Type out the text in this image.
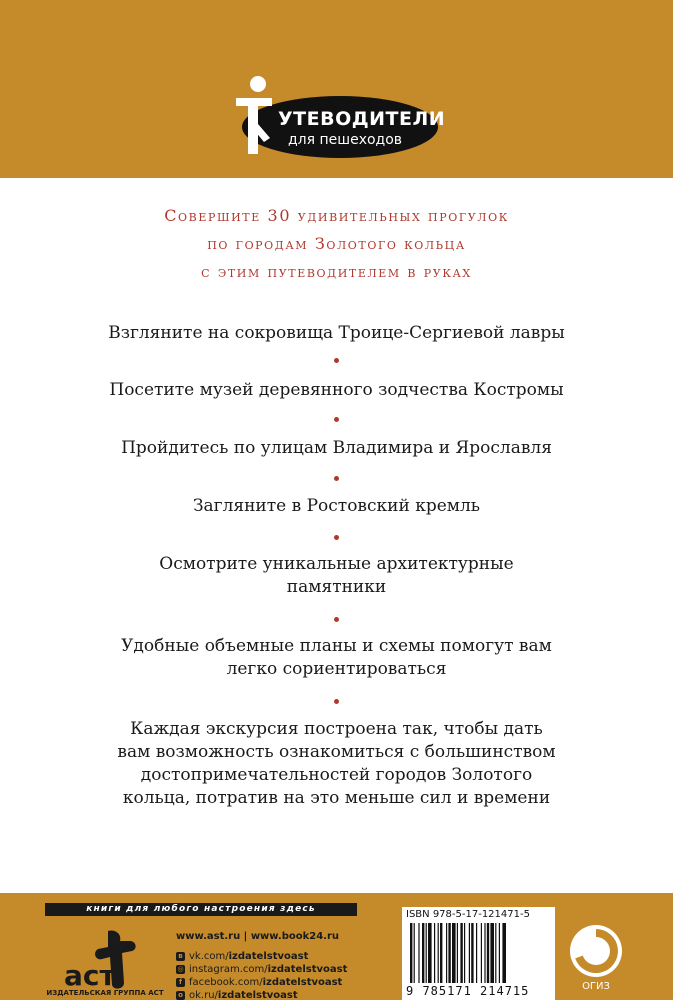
УТЕВОДИТЕЛИ
для пешеходов
Совершите 30 удивительных прогулок
по городам Золотого кольца
с этим путеводителем в руках
Взгляните на сокровища Троице-Сергиевой лавры
Посетите музей деревянного зодчества Костромы
Пройдитесь по улицам Владимира и Ярославля
Загляните в Ростовский кремль
Осмотрите уникальные архитектурные
памятники
Удобные объемные планы и схемы помогут вам
легко сориентироваться
Каждая экскурсия построена так, чтобы дать
вам возможность ознакомиться с большинством
достопримечательностей городов Золотого
кольца, потратив на это меньше сил и времени
книги для любого настроения здесь
аст
ИЗДАТЕЛЬСКАЯ ГРУППА АСТ
www.ast.ru | www.book24.ru
в vk.com/izdatelstvoast
◎ instagram.com/izdatelstvoast
f facebook.com/izdatelstvoast
о ok.ru/izdatelstvoast
ISBN 978-5-17-121471-5
9 785171 214715	ОГИЗ
